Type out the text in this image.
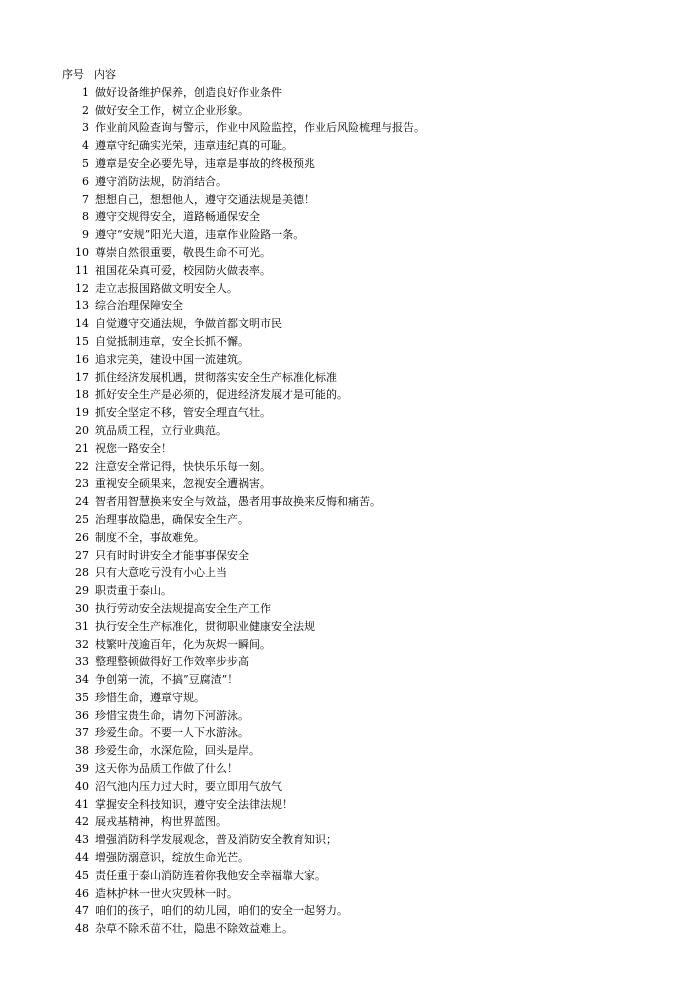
序号 内容
1 做好设备维护保养，创造良好作业条件
2 做好安全工作，树立企业形象。
3 作业前风险查询与警示，作业中风险监控，作业后风险梳理与报告。
4 遵章守纪确实光荣，违章违纪真的可耻。
5 遵章是安全必要先导，违章是事故的终极预兆
6 遵守消防法规，防消结合。
7 想想自己，想想他人，遵守交通法规是美德！
8 遵守交规得安全，道路畅通保安全
9 遵守“安规”阳光大道，违章作业险路一条。
10 尊崇自然很重要，敬畏生命不可光。
11 祖国花朵真可爱，校园防火做表率。
12 走立志报国路做文明安全人。
13 综合治理保障安全
14 自觉遵守交通法规，争做首都文明市民
15 自觉抵制违章，安全长抓不懈。
16 追求完美，建设中国一流建筑。
17 抓住经济发展机遇，贯彻落实安全生产标准化标准
18 抓好安全生产是必须的，促进经济发展才是可能的。
19 抓安全坚定不移，管安全理直气壮。
20 筑品质工程，立行业典范。
21 祝您一路安全！
22 注意安全常记得，快快乐乐每一刻。
23 重视安全硕果来，忽视安全遭祸害。
24 智者用智慧换来安全与效益，愚者用事故换来反悔和痛苦。
25 治理事故隐患，确保安全生产。
26 制度不全，事故难免。
27 只有时时讲安全才能事事保安全
28 只有大意吃亏没有小心上当
29 职责重于泰山。
30 执行劳动安全法规提高安全生产工作
31 执行安全生产标准化，贯彻职业健康安全法规
32 枝繁叶茂逾百年，化为灰烬一瞬间。
33 整理整顿做得好工作效率步步高
34 争创第一流，不搞”豆腐渣”！
35 珍惜生命，遵章守规。
36 珍惜宝贵生命，请勿下河游泳。
37 珍爱生命。不要一人下水游泳。
38 珍爱生命，水深危险，回头是岸。
39 这天你为品质工作做了什么！
40 沼气池内压力过大时，要立即用气放气
41 掌握安全科技知识，遵守安全法律法规！
42 展戎基精神，构世界蓝图。
43 增强消防科学发展观念，普及消防安全教育知识；
44 增强防溺意识，绽放生命光芒。
45 责任重于泰山消防连着你我他安全幸福靠大家。
46 造林护林一世火灾毁林一时。
47 咱们的孩子，咱们的幼儿园，咱们的安全一起努力。
48 杂草不除禾苗不壮，隐患不除效益难上。
